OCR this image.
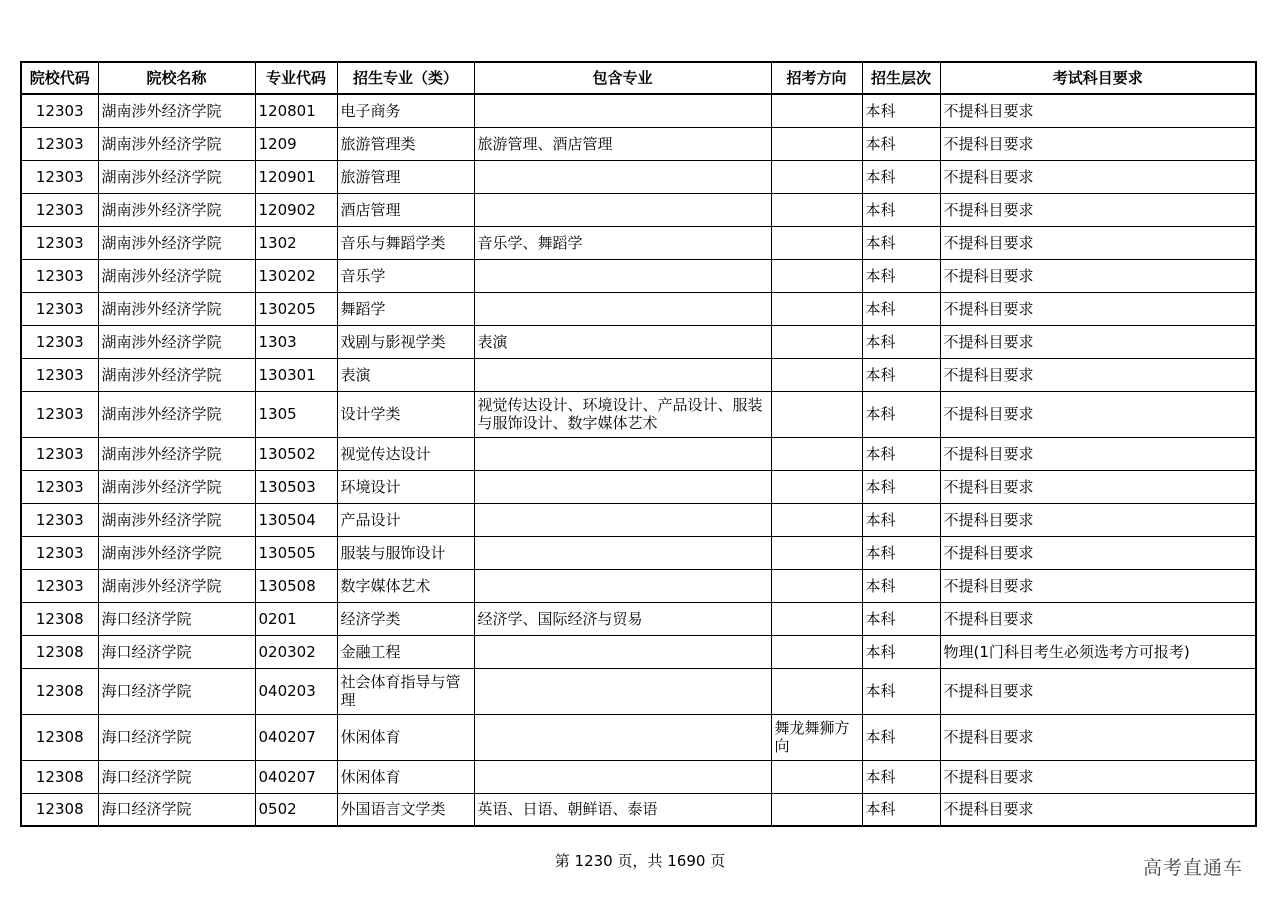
院校代码	院校名称	专业代码	招生专业（类）	包含专业	招考方向	招生层次	考试科目要求
12303	湖南涉外经济学院	120801	电子商务			本科	不提科目要求
12303	湖南涉外经济学院	1209	旅游管理类	旅游管理、酒店管理		本科	不提科目要求
12303	湖南涉外经济学院	120901	旅游管理			本科	不提科目要求
12303	湖南涉外经济学院	120902	酒店管理			本科	不提科目要求
12303	湖南涉外经济学院	1302	音乐与舞蹈学类	音乐学、舞蹈学		本科	不提科目要求
12303	湖南涉外经济学院	130202	音乐学			本科	不提科目要求
12303	湖南涉外经济学院	130205	舞蹈学			本科	不提科目要求
12303	湖南涉外经济学院	1303	戏剧与影视学类	表演		本科	不提科目要求
12303	湖南涉外经济学院	130301	表演			本科	不提科目要求
12303	湖南涉外经济学院	1305	设计学类	视觉传达设计、环境设计、产品设计、服装与服饰设计、数字媒体艺术		本科	不提科目要求
12303	湖南涉外经济学院	130502	视觉传达设计			本科	不提科目要求
12303	湖南涉外经济学院	130503	环境设计			本科	不提科目要求
12303	湖南涉外经济学院	130504	产品设计			本科	不提科目要求
12303	湖南涉外经济学院	130505	服装与服饰设计			本科	不提科目要求
12303	湖南涉外经济学院	130508	数字媒体艺术			本科	不提科目要求
12308	海口经济学院	0201	经济学类	经济学、国际经济与贸易		本科	不提科目要求
12308	海口经济学院	020302	金融工程			本科	物理(1门科目考生必须选考方可报考)
12308	海口经济学院	040203	社会体育指导与管理			本科	不提科目要求
12308	海口经济学院	040207	休闲体育		舞龙舞狮方向	本科	不提科目要求
12308	海口经济学院	040207	休闲体育			本科	不提科目要求
12308	海口经济学院	0502	外国语言文学类	英语、日语、朝鲜语、泰语		本科	不提科目要求
第 1230 页，共 1690 页	高考直通车
